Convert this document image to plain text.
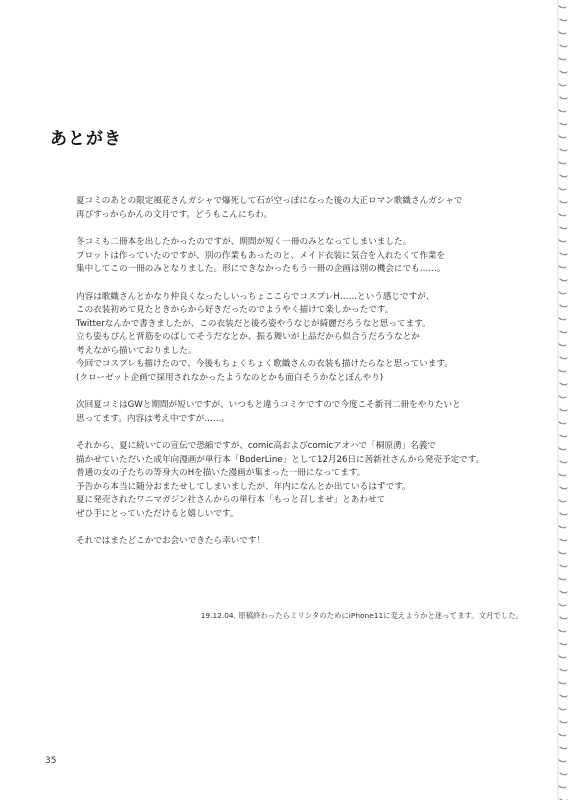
あとがき

夏コミのあとの限定風花さんガシャで爆死して石が空っぽになった後の大正ロマン歌織さんガシャで
再びすっからかんの文月です。どうもこんにちわ。

冬コミも二冊本を出したかったのですが、期間が短く一冊のみとなってしまいました。
プロットは作っていたのですが、別の作業もあったのと、メイド衣装に気合を入れたくて作業を
集中してこの一冊のみとなりました。形にできなかったもう一冊の企画は別の機会にでも……。

内容は歌織さんとかなり仲良くなったしいっちょここらでコスプレH……という感じですが、
この衣装初めて見たときからから好きだったのでようやく描けて楽しかったです。
Twitterなんかで書きましたが、この衣装だと後ろ姿やうなじが綺麗だろうなと思ってます。
立ち姿もぴんと背筋をのばしてそうだなとか、振る舞いが上品だから似合うだろうなとか
考えながら描いておりました。
今回でコスプレも描けたので、今後もちょくちょく歌織さんの衣装も描けたらなと思っています。
(クローゼット企画で採用されなかったようなのとかも面白そうかなとぼんやり)

次回夏コミはGWと期間が短いですが、いつもと違うコミケですので今度こそ新刊二冊をやりたいと
思ってます。内容は考え中ですが……。

それから、夏に続いての宣伝で恐縮ですが、comic高およびcomicアオハで「桐原湧」名義で
描かせていただいた成年向漫画が単行本「BoderLine」として12月26日に茜新社さんから発売予定です。
普通の女の子たちの等身大のHを描いた漫画が集まった一冊になってます。
予告から本当に随分おまたせしてしまいましたが、年内になんとか出ているはずです。
夏に発売されたワニマガジン社さんからの単行本「もっと召しませ」とあわせて
ぜひ手にとっていただけると嬉しいです。

それではまたどこかでお会いできたら幸いです！

19.12.04. 原稿終わったらミリシタのためにiPhone11に変えようかと迷ってます。文月でした。
35
